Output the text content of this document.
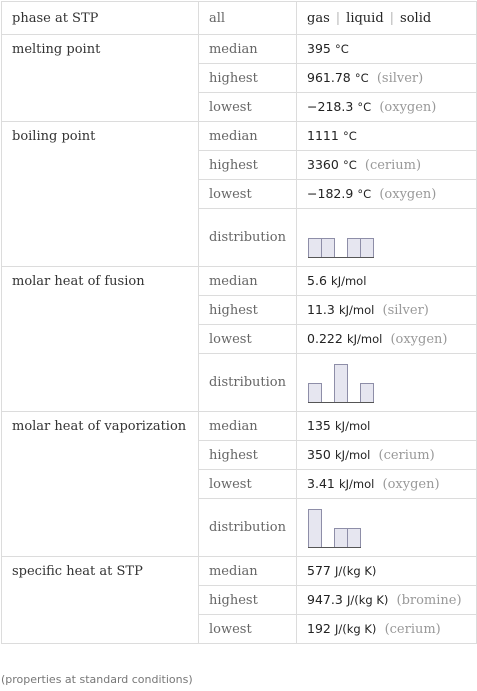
phase at STP	all	gas | liquid | solid
melting point	median	395 °C
	highest	961.78 °C (silver)
	lowest	−218.3 °C (oxygen)
boiling point	median	1111 °C
	highest	3360 °C (cerium)
	lowest	−182.9 °C (oxygen)
	distribution	

molar heat of fusion	median	5.6 kJ/mol
	highest	11.3 kJ/mol (silver)
	lowest	0.222 kJ/mol (oxygen)
	distribution	

molar heat of vaporization	median	135 kJ/mol
	highest	350 kJ/mol (cerium)
	lowest	3.41 kJ/mol (oxygen)
	distribution	

specific heat at STP	median	577 J/(kg K)
	highest	947.3 J/(kg K) (bromine)
	lowest	192 J/(kg K) (cerium)
(properties at standard conditions)
